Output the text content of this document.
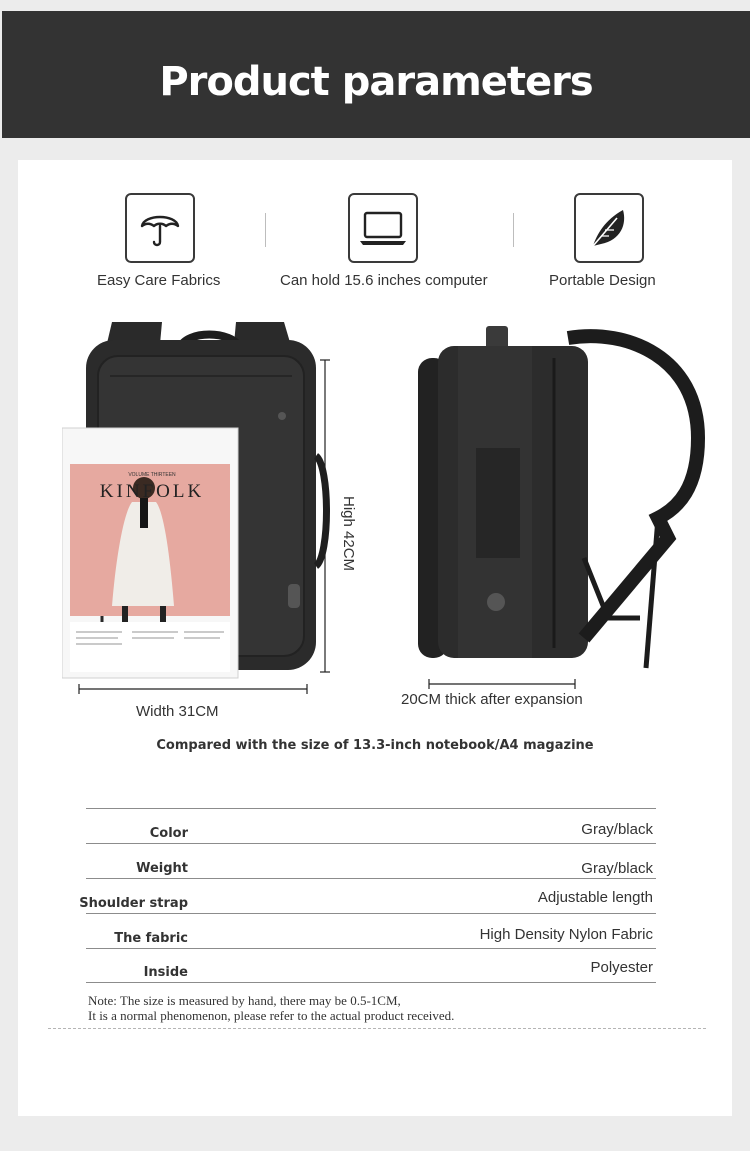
Product parameters
Easy Care Fabrics	Can hold 15.6 inches computer	Portable Design
VOLUME THIRTEEN
KINFOLK
High 42CM
Width 31CM
20CM thick after expansion
Compared with the size of 13.3-inch notebook/A4 magazine
Color	Gray/black
Weight	Gray/black
Shoulder strap	Adjustable length
The fabric	High Density Nylon Fabric
Inside	Polyester
Note: The size is measured by hand, there may be 0.5-1CM,
It is a normal phenomenon, please refer to the actual product received.
